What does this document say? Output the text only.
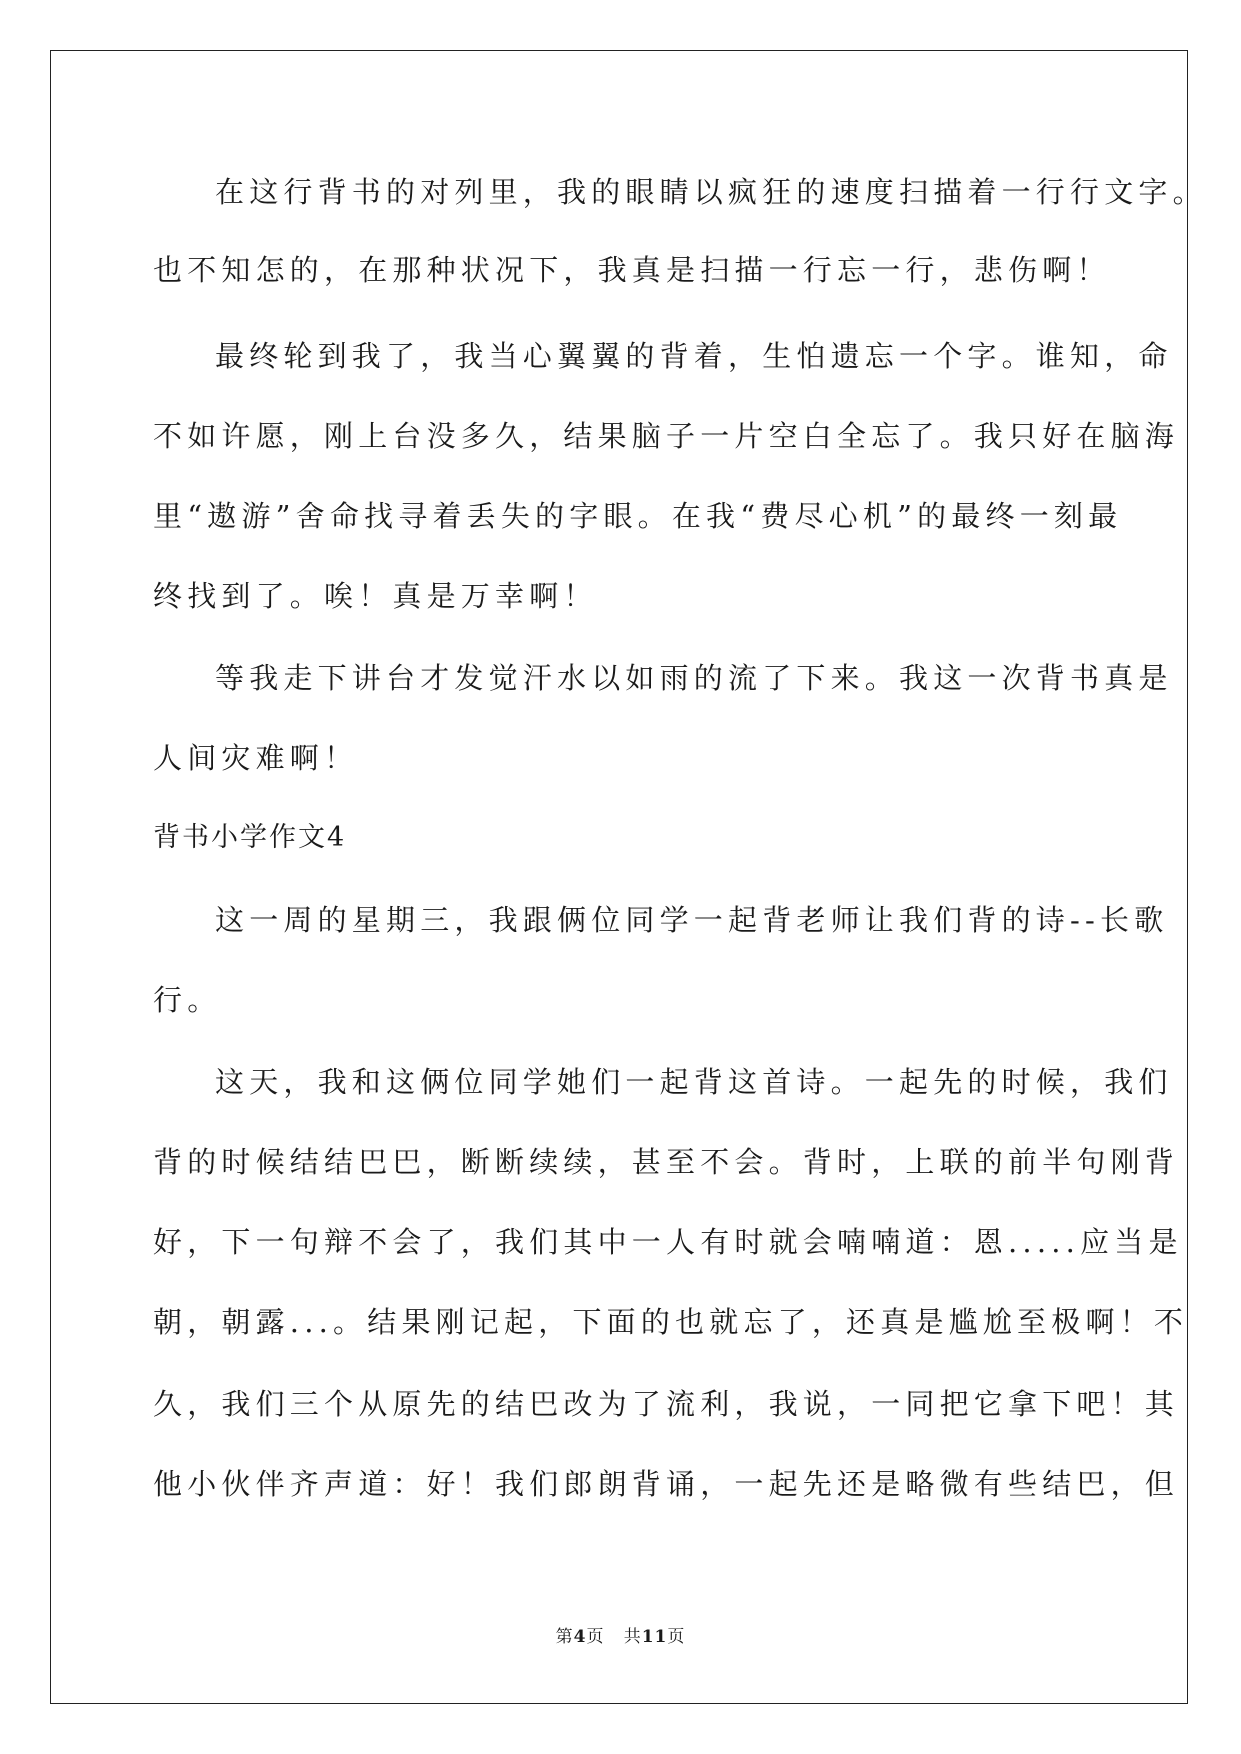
在这行背书的对列里，我的眼睛以疯狂的速度扫描着一行行文字。
也不知怎的，在那种状况下，我真是扫描一行忘一行，悲伤啊！
最终轮到我了，我当心翼翼的背着，生怕遗忘一个字。谁知，命
不如许愿，刚上台没多久，结果脑子一片空白全忘了。我只好在脑海
里“遨游”舍命找寻着丢失的字眼。在我“费尽心机”的最终一刻最
终找到了。唉！真是万幸啊！
等我走下讲台才发觉汗水以如雨的流了下来。我这一次背书真是
人间灾难啊！
背书小学作文4
这一周的星期三，我跟俩位同学一起背老师让我们背的诗--长歌
行。
这天，我和这俩位同学她们一起背这首诗。一起先的时候，我们
背的时候结结巴巴，断断续续，甚至不会。背时，上联的前半句刚背
好，下一句辩不会了，我们其中一人有时就会喃喃道：恩.....应当是
朝，朝露...。结果刚记起，下面的也就忘了，还真是尴尬至极啊！不
久，我们三个从原先的结巴改为了流利，我说，一同把它拿下吧！其
他小伙伴齐声道：好！我们郎朗背诵，一起先还是略微有些结巴，但
第4页 共11页
